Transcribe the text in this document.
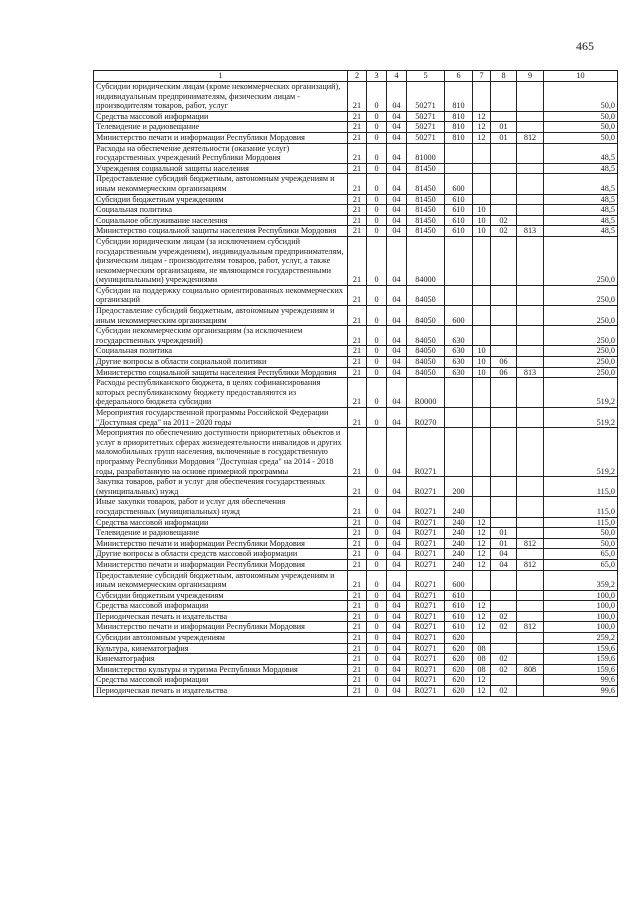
465
1	2	3	4	5	6	7	8	9	10
Субсидии юридическим лицам (кроме некоммерческих организаций), индивидуальным предпринимателям, физическим лицам - производителям товаров, работ, услуг	21	0	04	50271	810				50,0
Средства массовой информации	21	0	04	50271	810	12			50,0
Телевидение и радиовещание	21	0	04	50271	810	12	01		50,0
Министерство печати и информации Республики Мордовия	21	0	04	50271	810	12	01	812	50,0
Расходы на обеспечение деятельности (оказание услуг) государственных учреждений Республики Мордовия	21	0	04	81000					48,5
Учреждения социальной защиты населения	21	0	04	81450					48,5
Предоставление субсидий бюджетным, автономным учреждениям и иным некоммерческим организациям	21	0	04	81450	600				48,5
Субсидии бюджетным учреждениям	21	0	04	81450	610				48,5
Социальная политика	21	0	04	81450	610	10			48,5
Социальное обслуживание населения	21	0	04	81450	610	10	02		48,5
Министерство социальной защиты населения Республики Мордовия	21	0	04	81450	610	10	02	813	48,5
Субсидии юридическим лицам (за исключением субсидий государственным учреждениям), индивидуальным предпринимателям, физическим лицам - производителям товаров, работ, услуг, а также некоммерческим организациям, не являющимся государственными (муниципальными) учреждениями	21	0	04	84000					250,0
Субсидии на поддержку социально ориентированных некоммерческих организаций	21	0	04	84050					250,0
Предоставление субсидий бюджетным, автономным учреждениям и иным некоммерческим организациям	21	0	04	84050	600				250,0
Субсидии некоммерческим организациям (за исключением государственных учреждений)	21	0	04	84050	630				250,0
Социальная политика	21	0	04	84050	630	10			250,0
Другие вопросы в области социальной политики	21	0	04	84050	630	10	06		250,0
Министерство социальной защиты населения Республики Мордовия	21	0	04	84050	630	10	06	813	250,0
Расходы республиканского бюджета, в целях софинансирования которых республиканскому бюджету предоставляются из федерального бюджета субсидии	21	0	04	R0000					519,2
Мероприятия государственной программы Российской Федерации "Доступная среда" на 2011 - 2020 годы	21	0	04	R0270					519,2
Мероприятия по обеспечению доступности приоритетных объектов и услуг в приоритетных сферах жизнедеятельности инвалидов и других маломобильных групп населения, включенные в государственную программу Республики Мордовия "Доступная среда" на 2014 - 2018 годы, разработанную на основе примерной программы	21	0	04	R0271					519,2
Закупка товаров, работ и услуг для обеспечения государственных (муниципальных) нужд	21	0	04	R0271	200				115,0
Иные закупки товаров, работ и услуг для обеспечения государственных (муниципальных) нужд	21	0	04	R0271	240				115,0
Средства массовой информации	21	0	04	R0271	240	12			115,0
Телевидение и радиовещание	21	0	04	R0271	240	12	01		50,0
Министерство печати и информации Республики Мордовия	21	0	04	R0271	240	12	01	812	50,0
Другие вопросы в области средств массовой информации	21	0	04	R0271	240	12	04		65,0
Министерство печати и информации Республики Мордовия	21	0	04	R0271	240	12	04	812	65,0
Предоставление субсидий бюджетным, автономным учреждениям и иным некоммерческим организациям	21	0	04	R0271	600				359,2
Субсидии бюджетным учреждениям	21	0	04	R0271	610				100,0
Средства массовой информации	21	0	04	R0271	610	12			100,0
Периодическая печать и издательства	21	0	04	R0271	610	12	02		100,0
Министерство печати и информации Республики Мордовия	21	0	04	R0271	610	12	02	812	100,0
Субсидии автономным учреждениям	21	0	04	R0271	620				259,2
Культура, кинематография	21	0	04	R0271	620	08			159,6
Кинематография	21	0	04	R0271	620	08	02		159,6
Министерство культуры и туризма Республики Мордовия	21	0	04	R0271	620	08	02	808	159,6
Средства массовой информации	21	0	04	R0271	620	12			99,6
Периодическая печать и издательства	21	0	04	R0271	620	12	02		99,6
